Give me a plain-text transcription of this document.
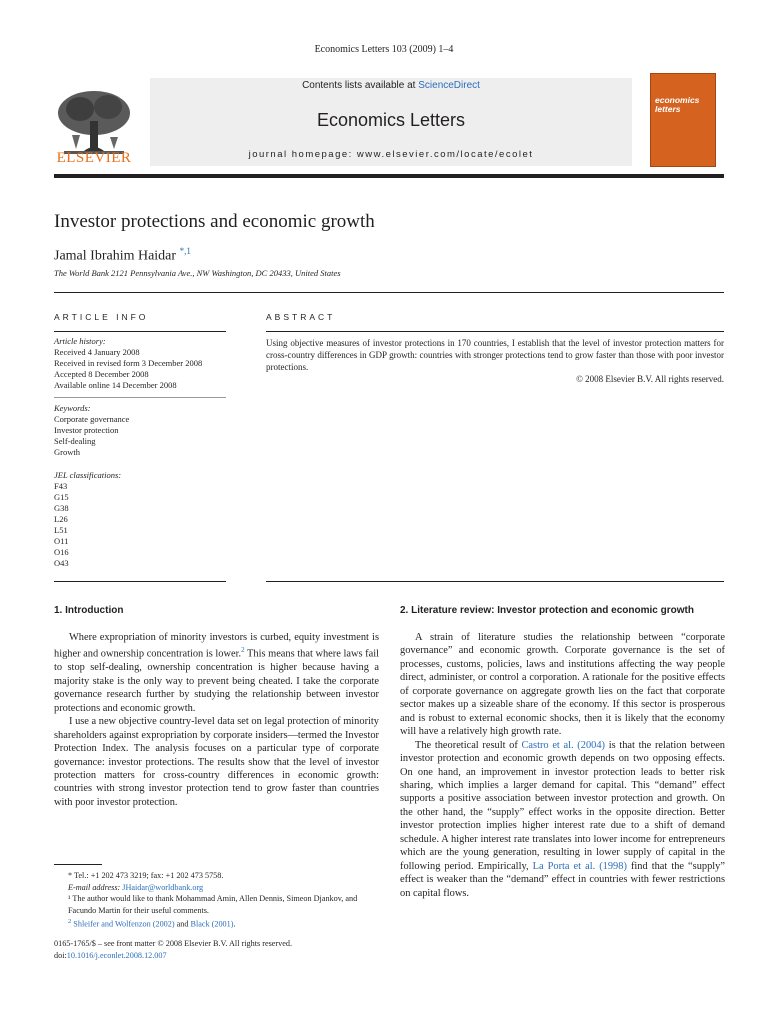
Economics Letters 103 (2009) 1–4
ELSEVIER
Contents lists available at ScienceDirect
Economics Letters
journal homepage: www.elsevier.com/locate/ecolet
economics
letters
Investor protections and economic growth
Jamal Ibrahim Haidar $^{*,1}$
The World Bank 2121 Pennsylvania Ave., NW Washington, DC 20433, United States
ARTICLE INFO
Article history:
Received 4 January 2008
Received in revised form 3 December 2008
Accepted 8 December 2008
Available online 14 December 2008
Keywords:
Corporate governance
Investor protection
Self-dealing
Growth
JEL classifications:
F43
G15
G38
L26
L51
O11
O16
O43
ABSTRACT
Using objective measures of investor protections in 170 countries, I establish that the level of investor protection matters for cross-country differences in GDP growth: countries with stronger protections tend to grow faster than those with poor investor protections.
© 2008 Elsevier B.V. All rights reserved.
1. Introduction

Where expropriation of minority investors is curbed, equity investment is higher and ownership concentration is lower.$^2$ This means that where laws fail to stop self-dealing, ownership concentration is higher because having a majority stake is the only way to prevent being cheated. I take the corporate governance research further by studying the relationship between investor protections and economic growth.

I use a new objective country-level data set on legal protection of minority shareholders against expropriation by corporate insiders—termed the Investor Protection Index. The analysis focuses on a particular type of corporate governance: investor protections. The results show that the level of investor protection matters for cross-country differences in economic growth: countries with strong investor protection tend to grow faster than countries with poor investor protection.

2. Literature review: Investor protection and economic growth

A strain of literature studies the relationship between “corporate governance” and economic growth. Corporate governance is the set of processes, customs, policies, laws and institutions affecting the way people direct, administer, or control a corporation. A rationale for the positive effects of corporate governance on aggregate growth lies on the fact that corporate sector makes up a sizeable share of the economy. If this sector is prosperous and is robust to external economic shocks, then it is likely that the economy will have a relatively high growth rate.

The theoretical result of Castro et al. (2004) is that the relation between investor protection and economic growth depends on two opposing effects. On one hand, an improvement in investor protection leads to better risk sharing, which implies a larger demand for capital. This “demand” effect supports a positive association between investor protection and growth. On the other hand, the “supply” effect works in the opposite direction. Better investor protection implies higher interest rate due to a shift of demand schedule. A higher interest rate translates into lower income for entrepreneurs which are the young generation, resulting in lower supply of capital in the following period. Empirically, La Porta et al. (1998) find that the “supply” effect is weaker than the “demand” effect in countries with fewer restrictions on capital flows.

* Tel.: +1 202 473 3219; fax: +1 202 473 5758.
E-mail address: JHaidar@worldbank.org
¹ The author would like to thank Mohammad Amin, Allen Dennis, Simeon Djankov, and Facundo Martin for their useful comments.
$^2$ Shleifer and Wolfenzon (2002) and Black (2001).
0165-1765/$ – see front matter © 2008 Elsevier B.V. All rights reserved.
doi:10.1016/j.econlet.2008.12.007
